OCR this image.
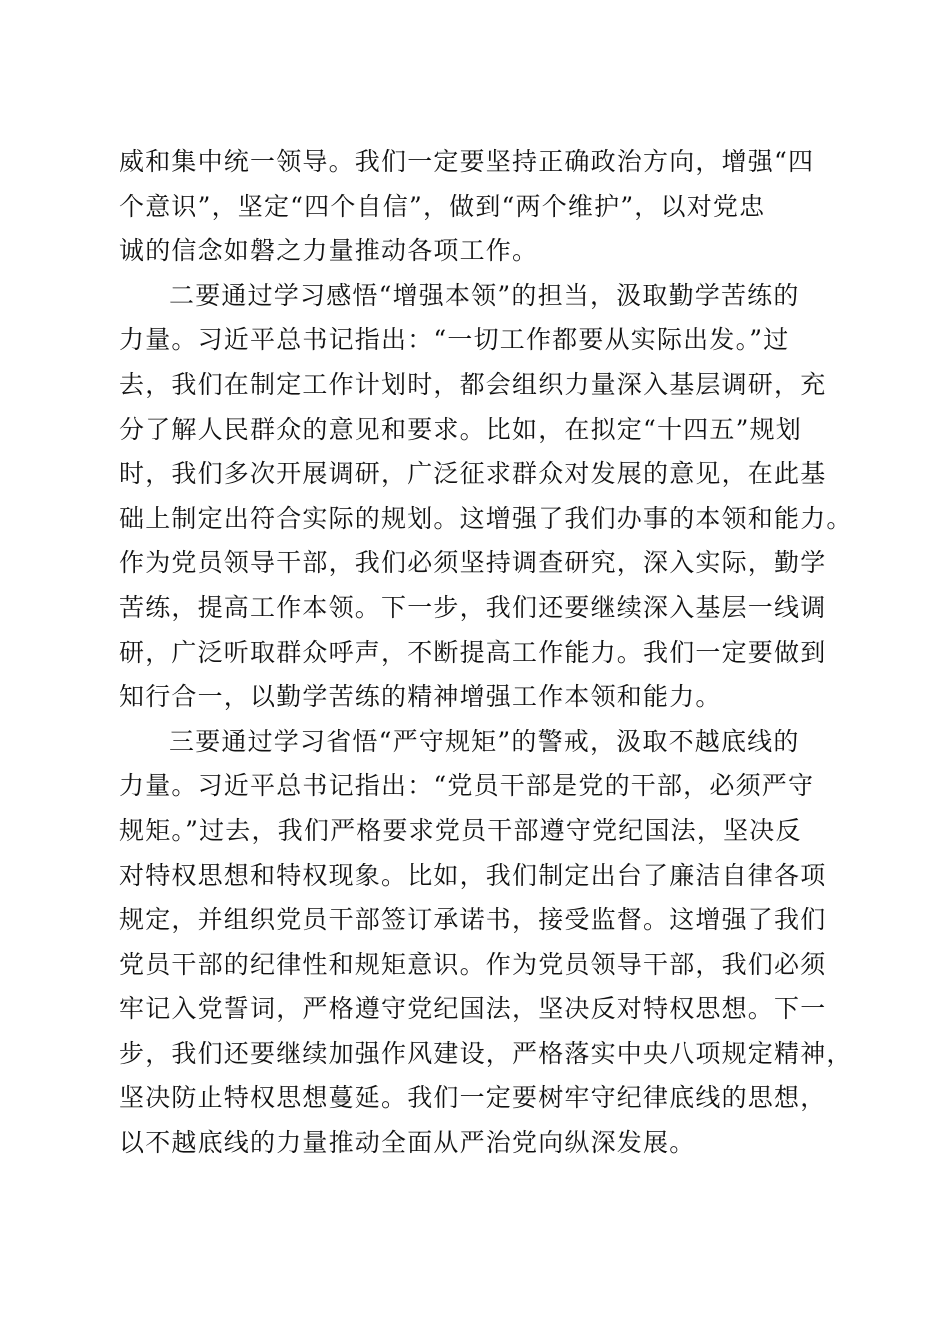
威和集中统一领导。我们一定要坚持正确政治方向，增强“四
个意识”，坚定“四个自信”，做到“两个维护”，以对党忠
诚的信念如磐之力量推动各项工作。

二要通过学习感悟“增强本领”的担当，汲取勤学苦练的
力量。习近平总书记指出：“一切工作都要从实际出发。”过
去，我们在制定工作计划时，都会组织力量深入基层调研，充
分了解人民群众的意见和要求。比如，在拟定“十四五”规划
时，我们多次开展调研，广泛征求群众对发展的意见，在此基
础上制定出符合实际的规划。这增强了我们办事的本领和能力。
作为党员领导干部，我们必须坚持调查研究，深入实际，勤学
苦练，提高工作本领。下一步，我们还要继续深入基层一线调
研，广泛听取群众呼声，不断提高工作能力。我们一定要做到
知行合一，以勤学苦练的精神增强工作本领和能力。

三要通过学习省悟“严守规矩”的警戒，汲取不越底线的
力量。习近平总书记指出：“党员干部是党的干部，必须严守
规矩。”过去，我们严格要求党员干部遵守党纪国法，坚决反
对特权思想和特权现象。比如，我们制定出台了廉洁自律各项
规定，并组织党员干部签订承诺书，接受监督。这增强了我们
党员干部的纪律性和规矩意识。作为党员领导干部，我们必须
牢记入党誓词，严格遵守党纪国法，坚决反对特权思想。下一
步，我们还要继续加强作风建设，严格落实中央八项规定精神，
坚决防止特权思想蔓延。我们一定要树牢守纪律底线的思想，
以不越底线的力量推动全面从严治党向纵深发展。
